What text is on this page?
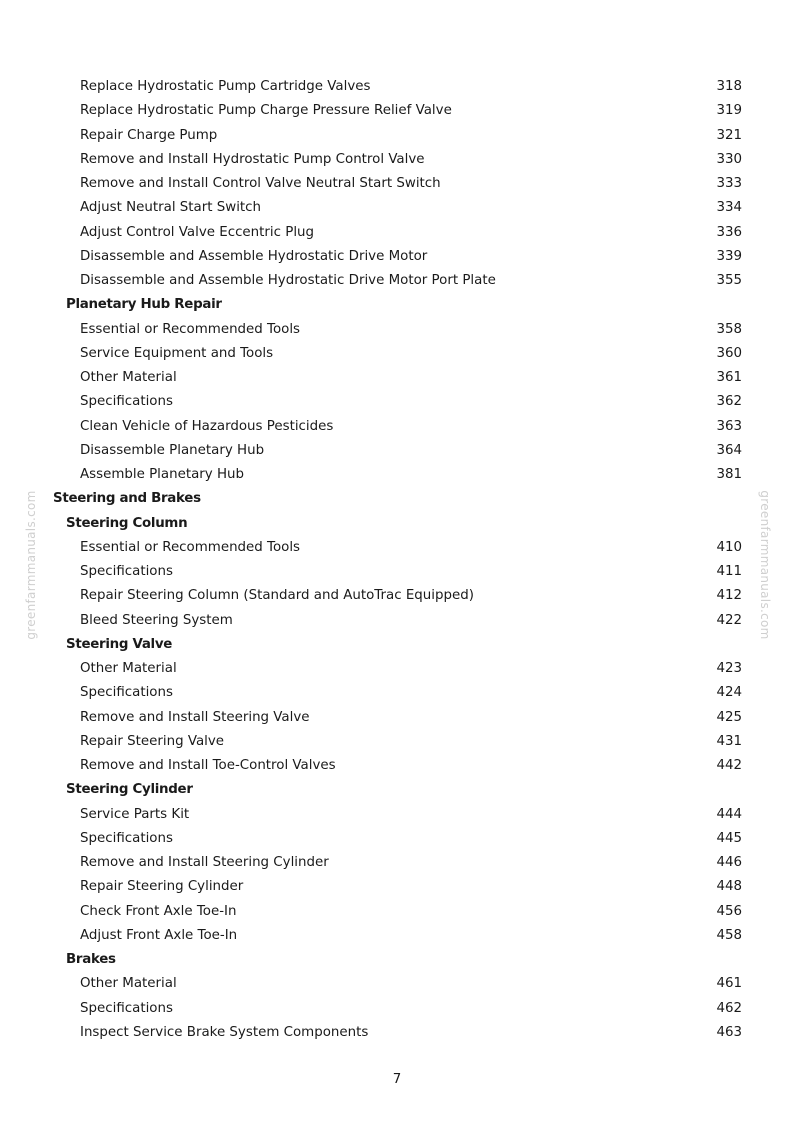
greenfarmmanuals.com	greenfarmmanuals.com
Replace Hydrostatic Pump Cartridge Valves	318
Replace Hydrostatic Pump Charge Pressure Relief Valve	319
Repair Charge Pump	321
Remove and Install Hydrostatic Pump Control Valve	330
Remove and Install Control Valve Neutral Start Switch	333
Adjust Neutral Start Switch	334
Adjust Control Valve Eccentric Plug	336
Disassemble and Assemble Hydrostatic Drive Motor	339
Disassemble and Assemble Hydrostatic Drive Motor Port Plate	355
Planetary Hub Repair
Essential or Recommended Tools	358
Service Equipment and Tools	360
Other Material	361
Specifications	362
Clean Vehicle of Hazardous Pesticides	363
Disassemble Planetary Hub	364
Assemble Planetary Hub	381
Steering and Brakes
Steering Column
Essential or Recommended Tools	410
Specifications	411
Repair Steering Column (Standard and AutoTrac Equipped)	412
Bleed Steering System	422
Steering Valve
Other Material	423
Specifications	424
Remove and Install Steering Valve	425
Repair Steering Valve	431
Remove and Install Toe-Control Valves	442
Steering Cylinder
Service Parts Kit	444
Specifications	445
Remove and Install Steering Cylinder	446
Repair Steering Cylinder	448
Check Front Axle Toe-In	456
Adjust Front Axle Toe-In	458
Brakes
Other Material	461
Specifications	462
Inspect Service Brake System Components	463
7
